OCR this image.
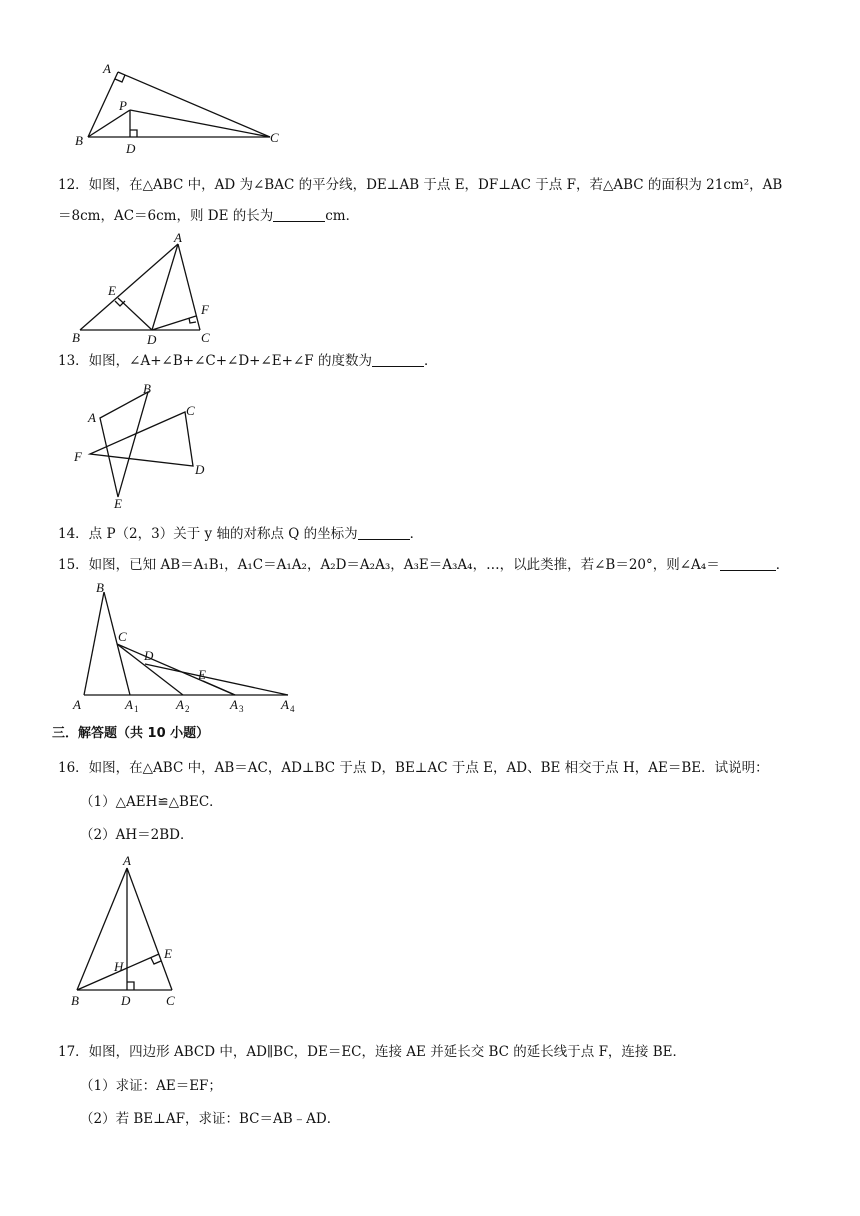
A
P
B
D
C
12．如图，在△ABC 中，AD 为∠BAC 的平分线，DE⊥AB 于点 E，DF⊥AC 于点 F，若△ABC 的面积为 21cm²，AB
＝8cm，AC＝6cm，则 DE 的长为	cm．
A
E
F
B	D	C
13．如图，∠A+∠B+∠C+∠D+∠E+∠F 的度数为	．
B
A	C
F
D
E
14．点 P（2，3）关于 y 轴的对称点 Q 的坐标为	．
15．如图，已知 AB＝A₁B₁，A₁C＝A₁A₂，A₂D＝A₂A₃，A₃E＝A₃A₄，…，以此类推，若∠B＝20°，则∠A₄＝	．
B
C
D
E
A	A 1	A 2	A 3	A 4
三．解答题（共 10 小题）
16．如图，在△ABC 中，AB＝AC，AD⊥BC 于点 D，BE⊥AC 于点 E，AD、BE 相交于点 H，AE＝BE．试说明：
（1）△AEH≌△BEC．
（2）AH＝2BD．
A
E
H
B	D	C
17．如图，四边形 ABCD 中，AD∥BC，DE＝EC，连接 AE 并延长交 BC 的延长线于点 F，连接 BE．
（1）求证：AE＝EF；
（2）若 BE⊥AF，求证：BC＝AB﹣AD．
